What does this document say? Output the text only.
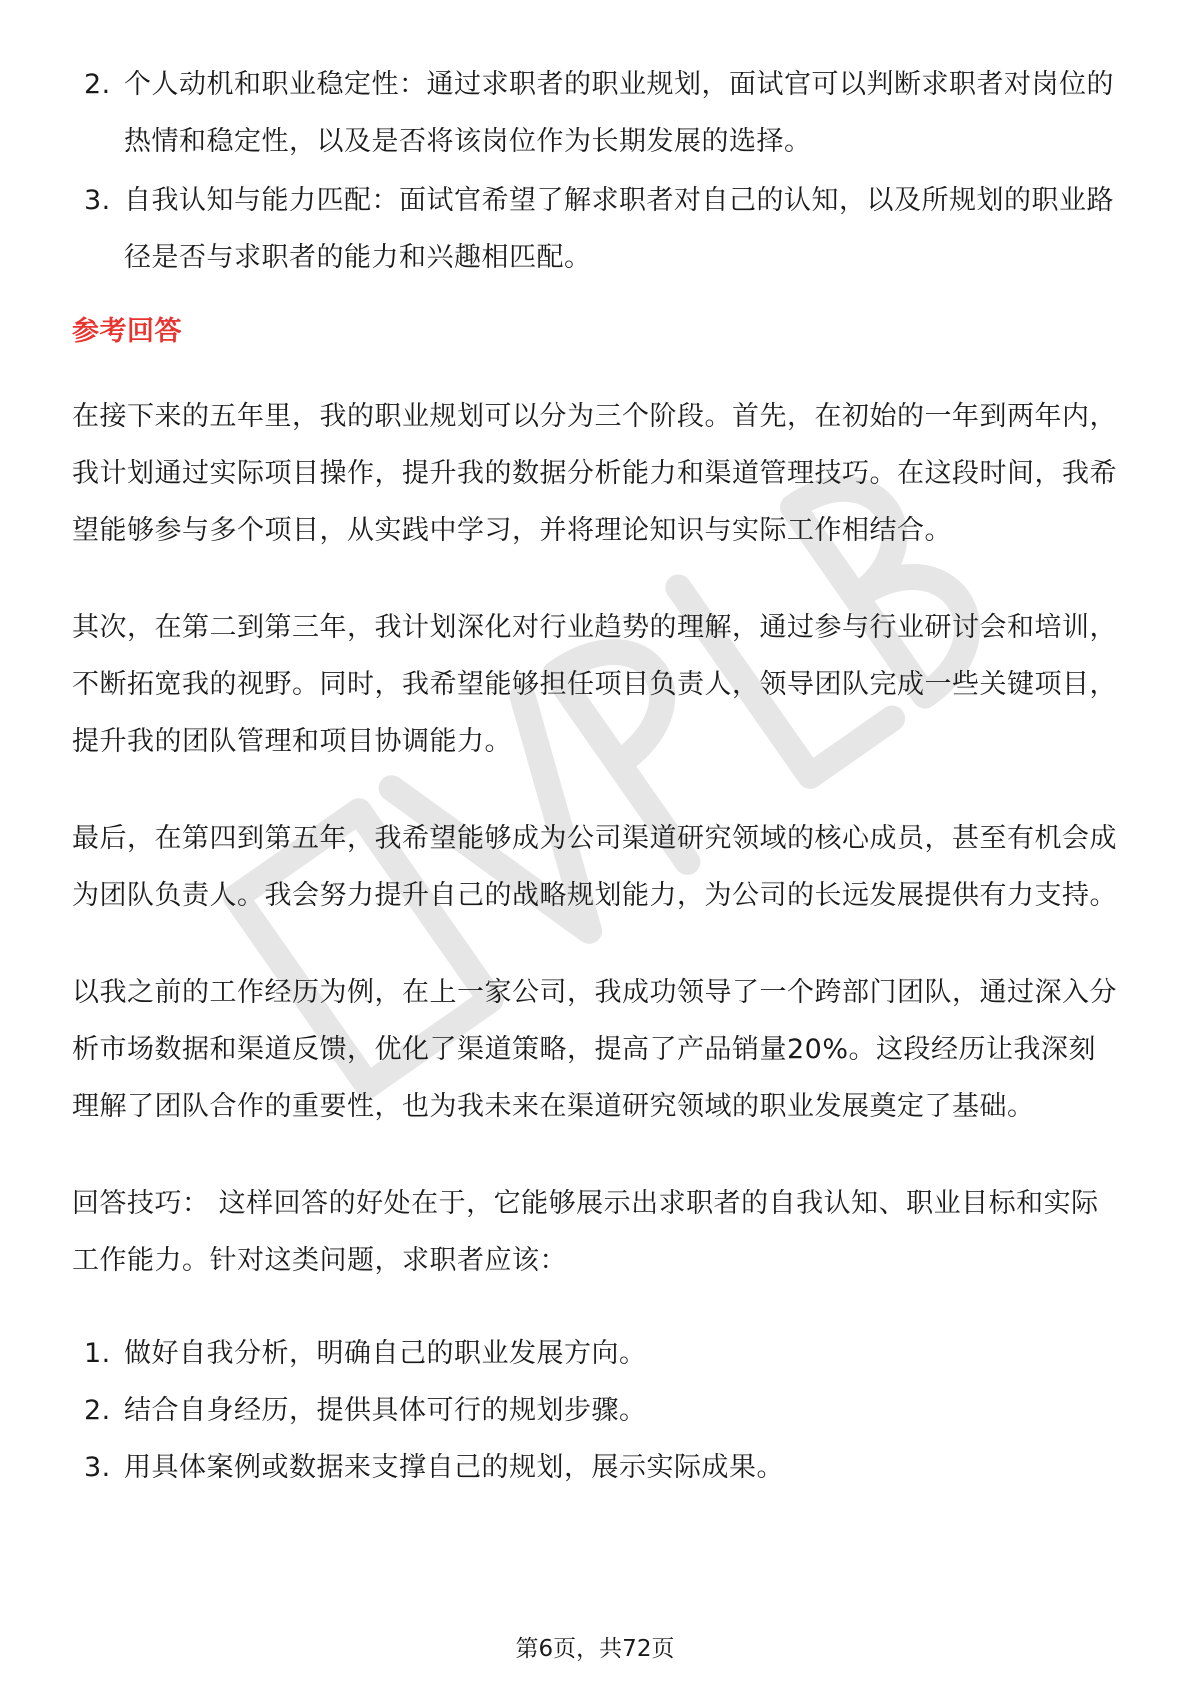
2. 个人动机和职业稳定性：通过求职者的职业规划，面试官可以判断求职者对岗位的热情和稳定性，以及是否将该岗位作为长期发展的选择。
3. 自我认知与能力匹配：面试官希望了解求职者对自己的认知，以及所规划的职业路径是否与求职者的能力和兴趣相匹配。
参考回答

在接下来的五年里，我的职业规划可以分为三个阶段。首先，在初始的一年到两年内，我计划通过实际项目操作，提升我的数据分析能力和渠道管理技巧。在这段时间，我希望能够参与多个项目，从实践中学习，并将理论知识与实际工作相结合。

其次，在第二到第三年，我计划深化对行业趋势的理解，通过参与行业研讨会和培训，不断拓宽我的视野。同时，我希望能够担任项目负责人，领导团队完成一些关键项目，提升我的团队管理和项目协调能力。

最后，在第四到第五年，我希望能够成为公司渠道研究领域的核心成员，甚至有机会成为团队负责人。我会努力提升自己的战略规划能力，为公司的长远发展提供有力支持。

以我之前的工作经历为例，在上一家公司，我成功领导了一个跨部门团队，通过深入分析市场数据和渠道反馈，优化了渠道策略，提高了产品销量20%。这段经历让我深刻理解了团队合作的重要性，也为我未来在渠道研究领域的职业发展奠定了基础。

回答技巧： 这样回答的好处在于，它能够展示出求职者的自我认知、职业目标和实际工作能力。针对这类问题，求职者应该：

1. 做好自我分析，明确自己的职业发展方向。
2. 结合自身经历，提供具体可行的规划步骤。
3. 用具体案例或数据来支撑自己的规划，展示实际成果。
第6页，共72页
